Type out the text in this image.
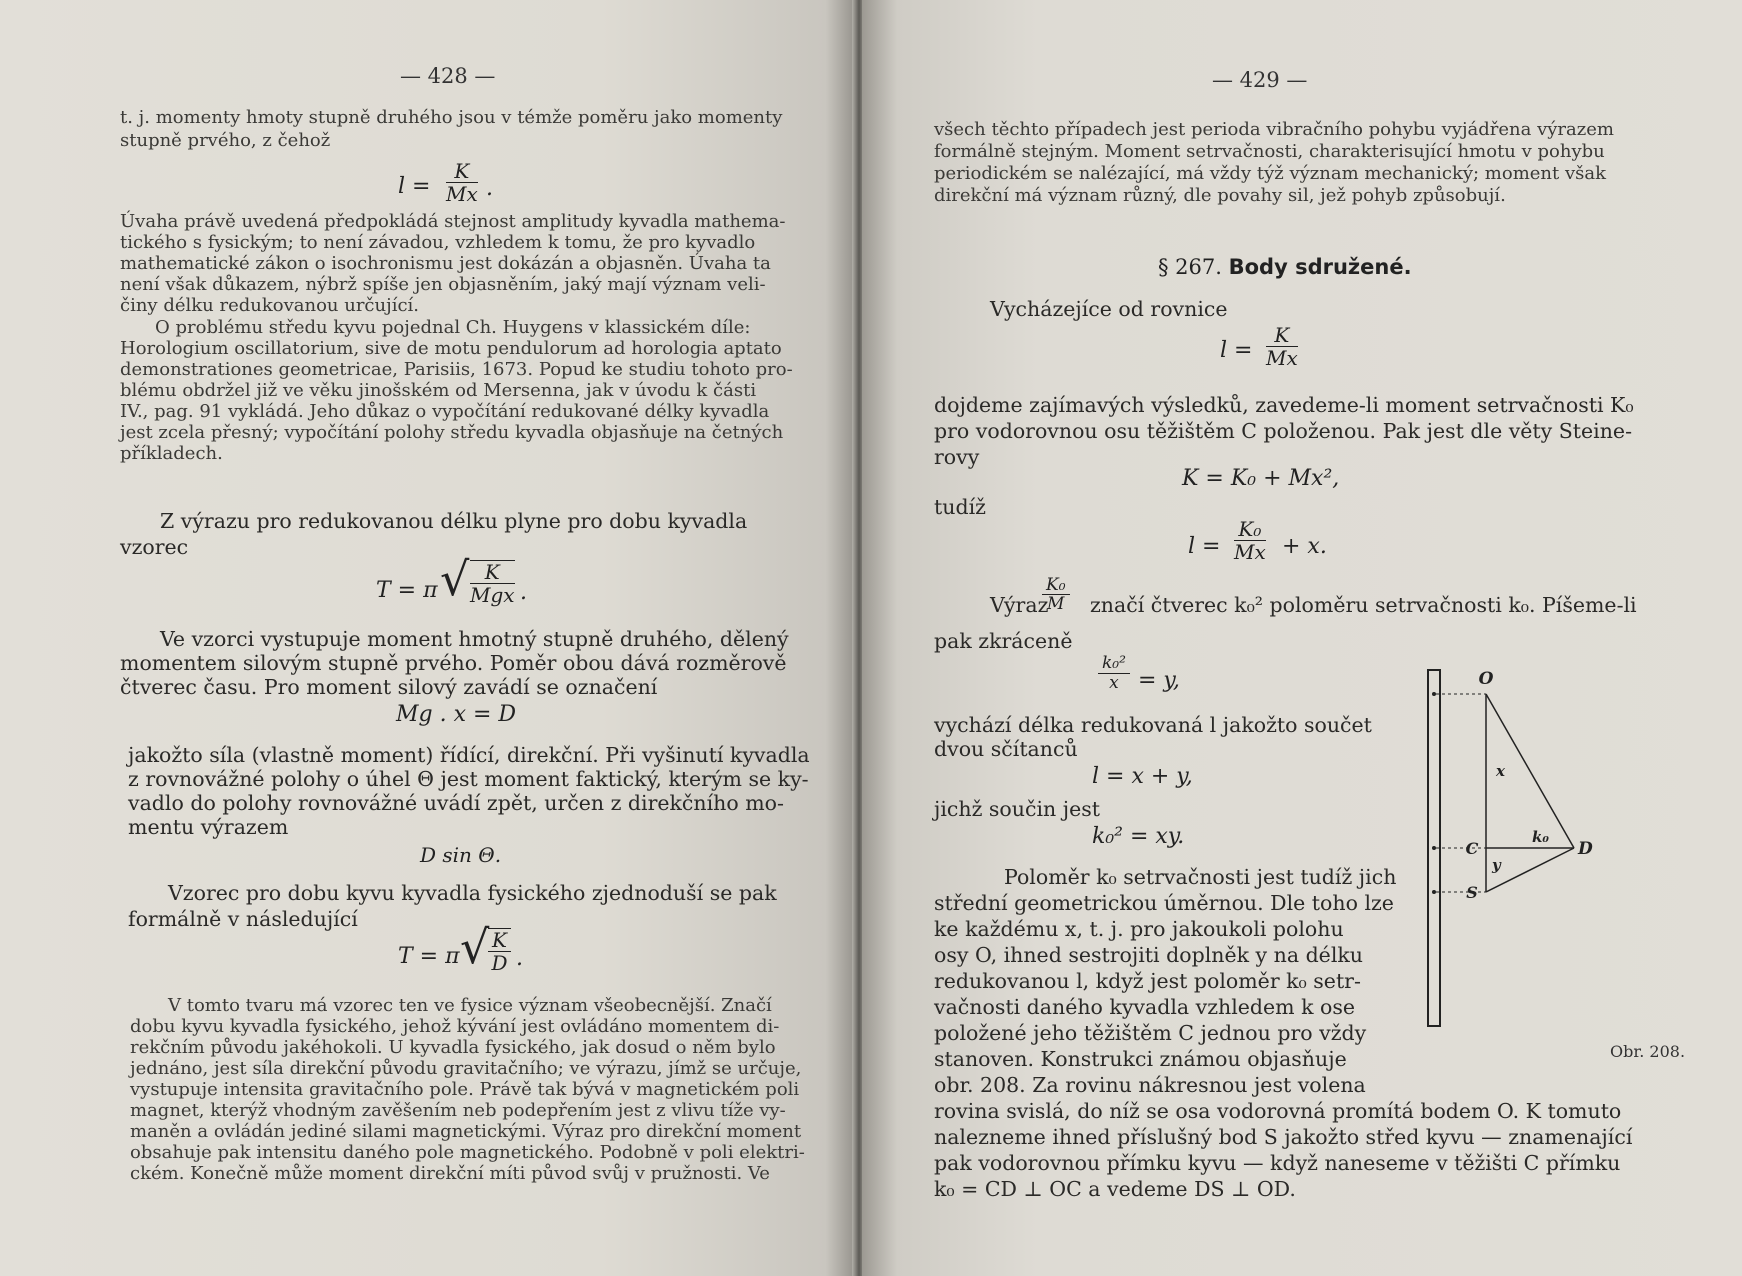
— 428 —
t. j. momenty hmoty stupně druhého jsou v témže poměru jako momenty
stupně prvého, z čehož
$l = \frac{K}{Mx}$ .
Úvaha právě uvedená předpokládá stejnost amplitudy kyvadla mathema-
tického s fysickým; to není závadou, vzhledem k tomu, že pro kyvadlo
mathematické zákon o isochronismu jest dokázán a objasněn. Úvaha ta
není však důkazem, nýbrž spíše jen objasněním, jaký mají význam veli-
činy délku redukovanou určující.
O problému středu kyvu pojednal Ch. Huygens v klassickém díle:
Horologium oscillatorium, sive de motu pendulorum ad horologia aptato
demonstrationes geometricae, Parisiis, 1673. Popud ke studiu tohoto pro-
blému obdržel již ve věku jinošském od Mersenna, jak v úvodu k části
IV., pag. 91 vykládá. Jeho důkaz o vypočítání redukované délky kyvadla
jest zcela přesný; vypočítání polohy středu kyvadla objasňuje na četných
příkladech.
Z výrazu pro redukovanou délku plyne pro dobu kyvadla
vzorec
T = π √ K
Mgx .
Ve vzorci vystupuje moment hmotný stupně druhého, dělený
momentem silovým stupně prvého. Poměr obou dává rozměrově
čtverec času. Pro moment silový zavádí se označení
Mg . x = D
jakožto síla (vlastně moment) řídící, direkční. Při vyšinutí kyvadla
z rovnovážné polohy o úhel Θ jest moment faktický, kterým se ky-
vadlo do polohy rovnovážné uvádí zpět, určen z direkčního mo-
mentu výrazem
D sin Θ.
Vzorec pro dobu kyvu kyvadla fysického zjednoduší se pak
formálně v následující
T = π √
$\frac{K}{D}$ .
V tomto tvaru má vzorec ten ve fysice význam všeobecnější. Značí
dobu kyvu kyvadla fysického, jehož kývání jest ovládáno momentem di-
rekčním původu jakéhokoli. U kyvadla fysického, jak dosud o něm bylo
jednáno, jest síla direkční původu gravitačního; ve výrazu, jímž se určuje,
vystupuje intensita gravitačního pole. Právě tak bývá v magnetickém poli
magnet, kterýž vhodným zavěšením neb podepřením jest z vlivu tíže vy-
maněn a ovládán jediné silami magnetickými. Výraz pro direkční moment
obsahuje pak intensitu daného pole magnetického. Podobně v poli elektri-
ckém. Konečně může moment direkční míti původ svůj v pružnosti. Ve
— 429 —
všech těchto případech jest perioda vibračního pohybu vyjádřena výrazem
formálně stejným. Moment setrvačnosti, charakterisující hmotu v pohybu
periodickém se nalézající, má vždy týž význam mechanický; moment však
direkční má význam různý, dle povahy sil, jež pohyb způsobují.
§ 267. Body sdružené.
Vycházejíce od rovnice
$l = \frac{K}{Mx}$
dojdeme zajímavých výsledků, zavedeme-li moment setrvačnosti K₀
pro vodorovnou osu těžištěm C položenou. Pak jest dle věty Steine-
rovy
K = K₀ + Mx²,
tudíž
$l = \frac{\text{K₀}}{Mx} + x$.
Výraz
$\frac{\text{K₀}}{M}$ značí čtverec k₀² poloměru setrvačnosti k₀. Píšeme-li
pak zkráceně
$\frac{\text{k₀²}}{x} = y$,
vychází délka redukovaná l jakožto součet
dvou sčítanců
l = x + y,
jichž součin jest
k₀² = xy.
Poloměr k₀ setrvačnosti jest tudíž jich
střední geometrickou úměrnou. Dle toho lze
ke každému x, t. j. pro jakoukoli polohu
osy O, ihned sestrojiti doplněk y na délku
redukovanou l, když jest poloměr k₀ setr-
vačnosti daného kyvadla vzhledem k ose
položené jeho těžištěm C jednou pro vždy
stanoven. Konstrukci známou objasňuje
obr. 208. Za rovinu nákresnou jest volena
rovina svislá, do níž se osa vodorovná promítá bodem O. K tomuto
nalezneme ihned příslušný bod S jakožto střed kyvu — znamenající
pak vodorovnou přímku kyvu — když naneseme v těžišti C přímku
k₀ = CD ⊥ OC a vedeme DS ⊥ OD.
O
x
k₀
C
y
S
D
Obr. 208.
